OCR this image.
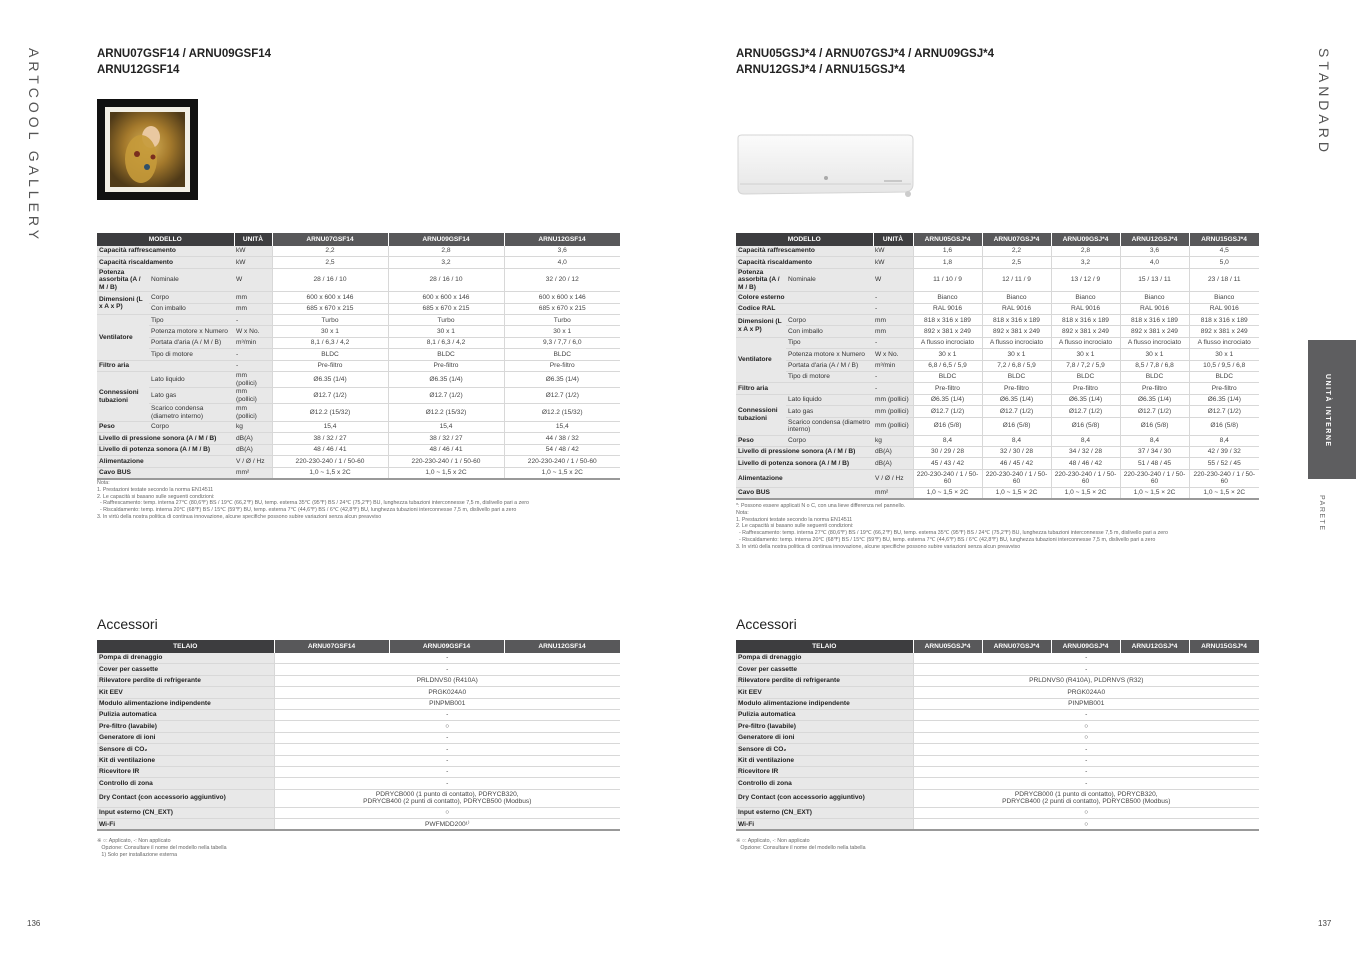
ARTCOOL GALLERY	ARNU07GSF14 / ARNU09GSF14
ARNU12GSF14
MODELLO		UNITÀ	ARNU07GSF14	ARNU09GSF14	ARNU12GSF14
Capacità raffrescamento		kW	2,2	2,8	3,6
Capacità riscaldamento		kW	2,5	3,2	4,0
Potenza assorbita (A / M / B)	Nominale	W	28 / 16 / 10	28 / 16 / 10	32 / 20 / 12
Dimensioni (L x A x P)	Corpo	mm	600 x 600 x 146	600 x 600 x 146	600 x 600 x 146
	Con imballo	mm	685 x 670 x 215	685 x 670 x 215	685 x 670 x 215
Ventilatore	Tipo	-	Turbo	Turbo	Turbo
	Potenza motore x Numero	W x No.	30 x 1	30 x 1	30 x 1
	Portata d'aria (A / M / B)	m³/min	8,1 / 6,3 / 4,2	8,1 / 6,3 / 4,2	9,3 / 7,7 / 6,0
	Tipo di motore	-	BLDC	BLDC	BLDC
Filtro aria		-	Pre-filtro	Pre-filtro	Pre-filtro
Connessioni tubazioni	Lato liquido	mm (pollici)	Ø6.35 (1/4)	Ø6.35 (1/4)	Ø6.35 (1/4)
	Lato gas	mm (pollici)	Ø12.7 (1/2)	Ø12.7 (1/2)	Ø12.7 (1/2)
	Scarico condensa (diametro interno)	mm (pollici)	Ø12.2 (15/32)	Ø12.2 (15/32)	Ø12.2 (15/32)
Peso	Corpo	kg	15,4	15,4	15,4
Livello di pressione sonora (A / M / B)		dB(A)	38 / 32 / 27	38 / 32 / 27	44 / 38 / 32
Livello di potenza sonora (A / M / B)		dB(A)	48 / 46 / 41	48 / 46 / 41	54 / 48 / 42
Alimentazione		V / Ø / Hz	220-230-240 / 1 / 50-60	220-230-240 / 1 / 50-60	220-230-240 / 1 / 50-60
Cavo BUS		mm²	1,0 ~ 1,5 x 2C	1,0 ~ 1,5 x 2C	1,0 ~ 1,5 x 2C
Nota:
1. Prestazioni testate secondo la norma EN14511
2. Le capacità si basano sulle seguenti condizioni:
- Raffrescamento: temp. interna 27℃ (80,6℉) BS / 19℃ (66,2℉) BU, temp. esterna 35℃ (95℉) BS / 24℃ (75,2℉) BU, lunghezza tubazioni interconnesse 7,5 m, dislivello pari a zero
- Riscaldamento: temp. interna 20℃ (68℉) BS / 15℃ (59℉) BU, temp. esterna 7℃ (44,6℉) BS / 6℃ (42,8℉) BU, lunghezza tubazioni interconnesse 7,5 m, dislivello pari a zero
3. In virtù della nostra politica di continua innovazione, alcune specifiche possono subire variazioni senza alcun preavviso
Accessori
TELAIO	ARNU07GSF14	ARNU09GSF14	ARNU12GSF14
Pompa di drenaggio	-		
Cover per cassette	-		
Rilevatore perdite di refrigerante	PRLDNVS0 (R410A)		
Kit EEV	PRGK024A0		
Modulo alimentazione indipendente	PINPMB001		
Pulizia automatica	-		
Pre-filtro (lavabile)	○		
Generatore di ioni	-		
Sensore di CO₂	-		
Kit di ventilazione	-		
Ricevitore IR	-		
Controllo di zona	-		
Dry Contact (con accessorio aggiuntivo)	PDRYCB000 (1 punto di contatto), PDRYCB320,
PDRYCB400 (2 punti di contatto), PDRYCB500 (Modbus)		
Input esterno (CN_EXT)	○		
Wi-Fi	PWFMDD200¹⁾		
※ ○: Applicato, -: Non applicato
Opzione: Consultare il nome del modello nella tabella
1) Solo per installazione esterna
136
ARNU05GSJ*4 / ARNU07GSJ*4 / ARNU09GSJ*4
ARNU12GSJ*4 / ARNU15GSJ*4	STANDARD
UNITÀ INTERNE
PARETE
MODELLO		UNITÀ	ARNU05GSJ*4	ARNU07GSJ*4	ARNU09GSJ*4	ARNU12GSJ*4	ARNU15GSJ*4
Capacità raffrescamento		kW	1,6	2,2	2,8	3,6	4,5
Capacità riscaldamento		kW	1,8	2,5	3,2	4,0	5,0
Potenza assorbita (A / M / B)	Nominale	W	11 / 10 / 9	12 / 11 / 9	13 / 12 / 9	15 / 13 / 11	23 / 18 / 11
Colore esterno		-	Bianco	Bianco	Bianco	Bianco	Bianco
Codice RAL		-	RAL 9016	RAL 9016	RAL 9016	RAL 9016	RAL 9016
Dimensioni (L x A x P)	Corpo	mm	818 x 316 x 189	818 x 316 x 189	818 x 316 x 189	818 x 316 x 189	818 x 316 x 189
	Con imballo	mm	892 x 381 x 249	892 x 381 x 249	892 x 381 x 249	892 x 381 x 249	892 x 381 x 249
Ventilatore	Tipo	-	A flusso incrociato	A flusso incrociato	A flusso incrociato	A flusso incrociato	A flusso incrociato
	Potenza motore x Numero	W x No.	30 x 1	30 x 1	30 x 1	30 x 1	30 x 1
	Portata d'aria (A / M / B)	m³/min	6,8 / 6,5 / 5,9	7,2 / 6,8 / 5,9	7,8 / 7,2 / 5,9	8,5 / 7,8 / 6,8	10,5 / 9,5 / 6,8
	Tipo di motore	-	BLDC	BLDC	BLDC	BLDC	BLDC
Filtro aria		-	Pre-filtro	Pre-filtro	Pre-filtro	Pre-filtro	Pre-filtro
Connessioni tubazioni	Lato liquido	mm (pollici)	Ø6.35 (1/4)	Ø6.35 (1/4)	Ø6.35 (1/4)	Ø6.35 (1/4)	Ø6.35 (1/4)
	Lato gas	mm (pollici)	Ø12.7 (1/2)	Ø12.7 (1/2)	Ø12.7 (1/2)	Ø12.7 (1/2)	Ø12.7 (1/2)
	Scarico condensa (diametro interno)	mm (pollici)	Ø16 (5/8)	Ø16 (5/8)	Ø16 (5/8)	Ø16 (5/8)	Ø16 (5/8)
Peso	Corpo	kg	8,4	8,4	8,4	8,4	8,4
Livello di pressione sonora (A / M / B)		dB(A)	30 / 29 / 28	32 / 30 / 28	34 / 32 / 28	37 / 34 / 30	42 / 39 / 32
Livello di potenza sonora (A / M / B)		dB(A)	45 / 43 / 42	46 / 45 / 42	48 / 46 / 42	51 / 48 / 45	55 / 52 / 45
Alimentazione		V / Ø / Hz	220-230-240 / 1 / 50-60	220-230-240 / 1 / 50-60	220-230-240 / 1 / 50-60	220-230-240 / 1 / 50-60	220-230-240 / 1 / 50-60
Cavo BUS		mm²	1,0 ~ 1,5 × 2C	1,0 ~ 1,5 × 2C	1,0 ~ 1,5 × 2C	1,0 ~ 1,5 × 2C	1,0 ~ 1,5 × 2C
*: Possono essere applicati N o C, con una lieve differenza nel pannello.
Nota:
1. Prestazioni testate secondo la norma EN14511
2. Le capacità si basano sulle seguenti condizioni:
- Raffrescamento: temp. interna 27℃ (80,6℉) BS / 19℃ (66,2℉) BU, temp. esterna 35℃ (95℉) BS / 24℃ (75,2℉) BU, lunghezza tubazioni interconnesse 7,5 m, dislivello pari a zero
- Riscaldamento: temp. interna 20℃ (68℉) BS / 15℃ (59℉) BU, temp. esterna 7℃ (44,6℉) BS / 6℃ (42,8℉) BU, lunghezza tubazioni interconnesse 7,5 m, dislivello pari a zero
3. In virtù della nostra politica di continua innovazione, alcune specifiche possono subire variazioni senza alcun preavviso
Accessori
TELAIO	ARNU05GSJ*4	ARNU07GSJ*4	ARNU09GSJ*4	ARNU12GSJ*4	ARNU15GSJ*4
Pompa di drenaggio	-				
Cover per cassette	-				
Rilevatore perdite di refrigerante	PRLDNVS0 (R410A), PLDRNVS (R32)				
Kit EEV	PRGK024A0				
Modulo alimentazione indipendente	PINPMB001				
Pulizia automatica	-				
Pre-filtro (lavabile)	○				
Generatore di ioni	○				
Sensore di CO₂	-				
Kit di ventilazione	-				
Ricevitore IR	-				
Controllo di zona	-				
Dry Contact (con accessorio aggiuntivo)	PDRYCB000 (1 punto di contatto), PDRYCB320,
PDRYCB400 (2 punti di contatto), PDRYCB500 (Modbus)				
Input esterno (CN_EXT)	○				
Wi-Fi	○				
※ ○: Applicato, -: Non applicato
Opzione: Consultare il nome del modello nella tabella
137
